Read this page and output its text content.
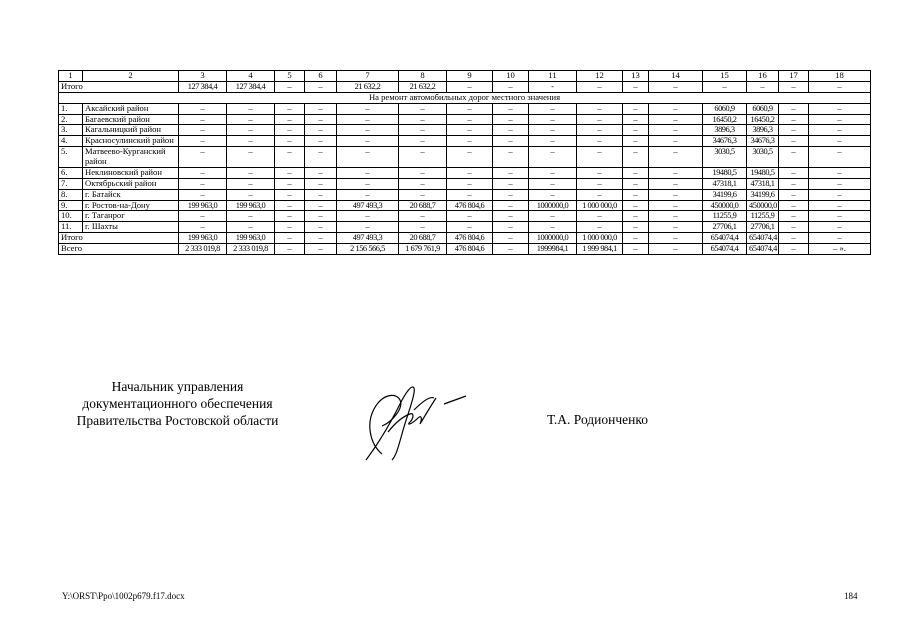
1	2	3	4	5	6	7	8	9	10	11	12	13	14	15	16	17	18
Итого		127 384,4	127 384,4	–	–	21 632,2	21 632,2	–	–	-	–	–	–	–	–	–	–
На ремонт автомобильных дорог местного значения																	
1.	Аксайский район	–	–	–	–	–	–	–	–	–	–	–	–	6060,9	6060,9	–	–
2.	Багаевский район	–	–	–	–	–	–	–	–	–	–	–	–	16450,2	16450,2	–	–
3.	Кагальницкий район	–	–	–	–	–	–	–	–	–	–	–	–	3896,3	3896,3	–	–
4.	Красносулинский район	–	–	–	–	–	–	–	–	–	–	–	–	34676,3	34676,3	–	–
5.	Матвеево-Курганский район	–	–	–	–	–	–	–	–	–	–	–	–	3030,5	3030,5	–	–
6.	Неклиновский район	–	–	–	–	–	–	–	–	–	–	–	–	19480,5	19480,5	–	–
7.	Октябрьский район	–	–	–	–	–	–	–	–	–	–	–	–	47318,1	47318,1	–	–
8.	г. Батайск	–	–	–	–	–	–	–	–	–	–	–	–	34199,6	34199,6	–	–
9.	г. Ростов-на-Дону	199 963,0	199 963,0	–	–	497 493,3	20 688,7	476 804,6	–	1000000,0	1 000 000,0	–	–	450000,0	450000,0	–	–
10.	г. Таганрог	–	–	–	–	–	–	–	–	–	–	–	–	11255,9	11255,9	–	–
11.	г. Шахты	–	–	–	–	–	–	–	–	–	–	–	–	27706,1	27706,1	–	–
Итого		199 963,0	199 963,0	–	–	497 493,3	20 688,7	476 804,6	–	1000000,0	1 000 000,0	–	–	654074,4	654074,4	–	–
Всего		2 333 019,8	2 333 019,8	–	–	2 156 566,5	1 679 761,9	476 804,6	–	1999984,1	1 999 984,1	–	–	654074,4	654074,4	–	– ».
Начальник управления
документационного обеспечения
Правительства Ростовской области	Т.А. Родионченко
Y:\ORST\Ppo\1002p679.f17.docx	184
